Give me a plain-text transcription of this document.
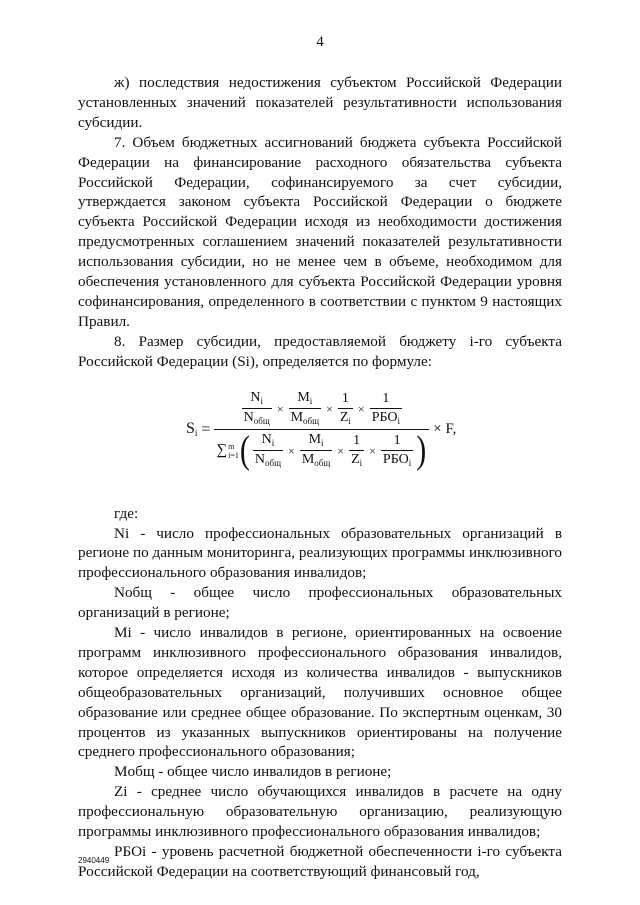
4

ж) последствия недостижения субъектом Российской Федерации установленных значений показателей результативности использования субсидии.

7. Объем бюджетных ассигнований бюджета субъекта Российской Федерации на финансирование расходного обязательства субъекта Российской Федерации, софинансируемого за счет субсидии, утверждается законом субъекта Российской Федерации о бюджете субъекта Российской Федерации исходя из необходимости достижения предусмотренных соглашением значений показателей результативности использования субсидии, но не менее чем в объеме, необходимом для обеспечения установленного для субъекта Российской Федерации уровня софинансирования, определенного в соответствии с пунктом 9 настоящих Правил.

8. Размер субсидии, предоставляемой бюджету i-го субъекта Российской Федерации (Si), определяется по формуле:

$S_i$ =
$N_i$
$N_{общ}$
×
$M_i$
$M_{общ}$
×
1
$Z_i$
×
1
$РБО_i$
∑ m
i=1 ( $N_i$
$N_{общ}$
×
$M_i$
$M_{общ}$
×
1
$Z_i$
×
1
$РБО_i$ ) × F,

где:

Ni - число профессиональных образовательных организаций в регионе по данным мониторинга, реализующих программы инклюзивного профессионального образования инвалидов;

Nобщ - общее число профессиональных образовательных организаций в регионе;

Mi - число инвалидов в регионе, ориентированных на освоение программ инклюзивного профессионального образования инвалидов, которое определяется исходя из количества инвалидов - выпускников общеобразовательных организаций, получивших основное общее образование или среднее общее образование. По экспертным оценкам, 30 процентов из указанных выпускников ориентированы на получение среднего профессионального образования;

Mобщ - общее число инвалидов в регионе;

Zi - среднее число обучающихся инвалидов в расчете на одну профессиональную образовательную организацию, реализующую программы инклюзивного профессионального образования инвалидов;

РБОi - уровень расчетной бюджетной обеспеченности i-го субъекта Российской Федерации на соответствующий финансовый год,

2940449
